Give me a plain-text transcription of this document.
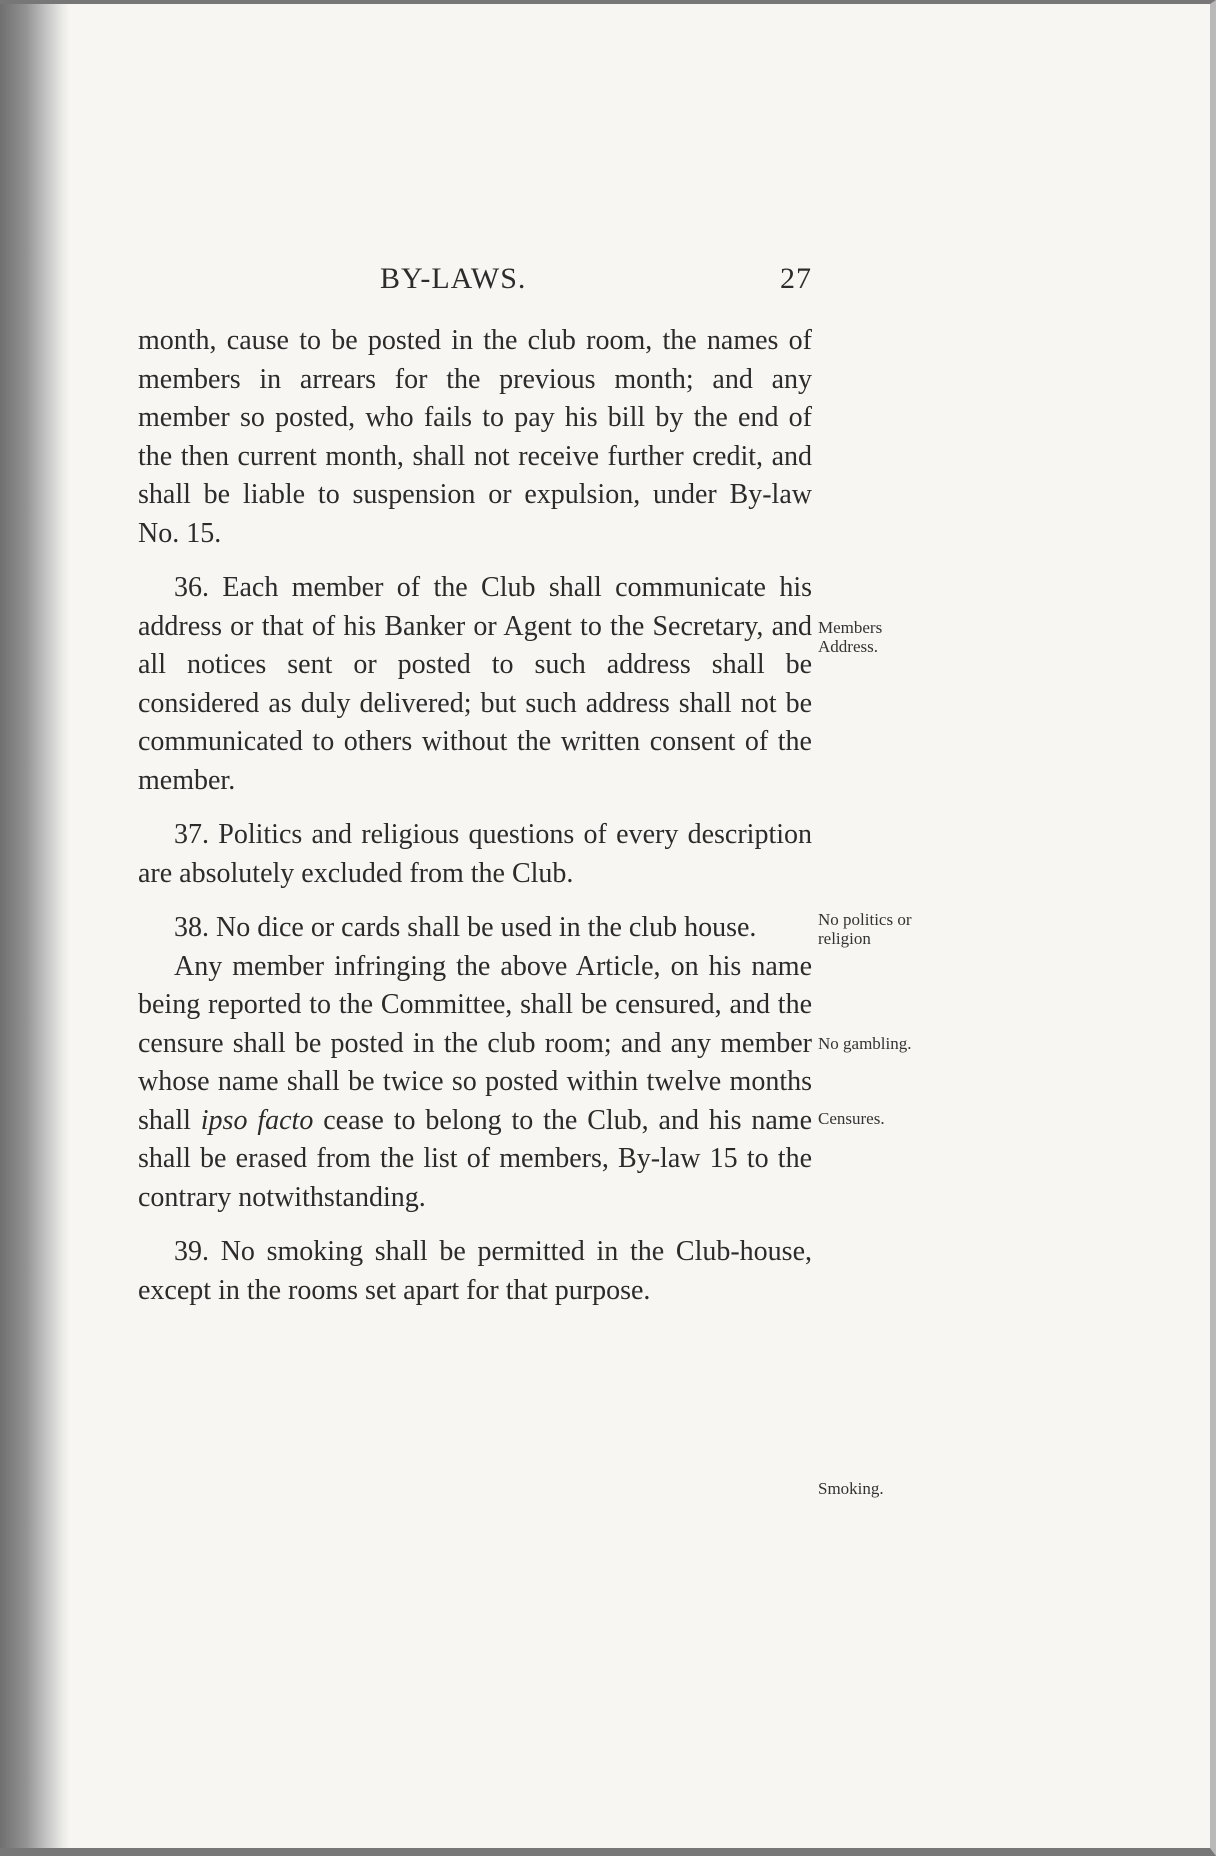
BY-LAWS.	27

month, cause to be posted in the club room, the names of members in arrears for the previous month; and any member so posted, who fails to pay his bill by the end of the then current month, shall not receive further credit, and shall be liable to suspension or expulsion, under By-law No. 15.

36. Each member of the Club shall communicate his address or that of his Banker or Agent to the Secretary, and all notices sent or posted to such address shall be considered as duly delivered; but such address shall not be communicated to others without the written consent of the member.

37. Politics and religious questions of every description are absolutely excluded from the Club.

38. No dice or cards shall be used in the club house.

Any member infringing the above Article, on his name being reported to the Committee, shall be censured, and the censure shall be posted in the club room; and any member whose name shall be twice so posted within twelve months shall ipso facto cease to belong to the Club, and his name shall be erased from the list of members, By-law 15 to the contrary notwithstanding.

39. No smoking shall be permitted in the Club-house, except in the rooms set apart for that purpose.

Members
Address.
No politics or
religion
No gambling.
Censures.
Smoking.
